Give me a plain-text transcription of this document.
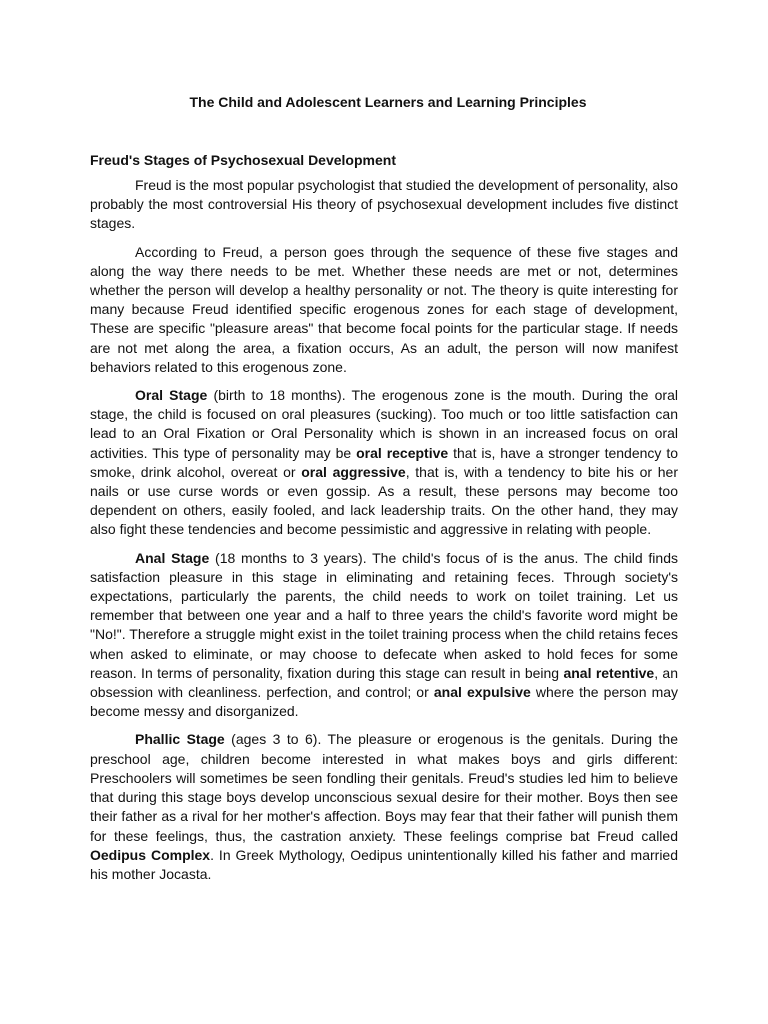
The Child and Adolescent Learners and Learning Principles
Freud's Stages of Psychosexual Development

Freud is the most popular psychologist that studied the development of personality, also probably the most controversial His theory of psychosexual development includes five distinct stages.

According to Freud, a person goes through the sequence of these five stages and along the way there needs to be met. Whether these needs are met or not, determines whether the person will develop a healthy personality or not. The theory is quite interesting for many because Freud identified specific erogenous zones for each stage of development, These are specific "pleasure areas" that become focal points for the particular stage. If needs are not met along the area, a fixation occurs, As an adult, the person will now manifest behaviors related to this erogenous zone.

Oral Stage (birth to 18 months). The erogenous zone is the mouth. During the oral stage, the child is focused on oral pleasures (sucking). Too much or too little satisfaction can lead to an Oral Fixation or Oral Personality which is shown in an increased focus on oral activities. This type of personality may be oral receptive that is, have a stronger tendency to smoke, drink alcohol, overeat or oral aggressive, that is, with a tendency to bite his or her nails or use curse words or even gossip. As a result, these persons may become too dependent on others, easily fooled, and lack leadership traits. On the other hand, they may also fight these tendencies and become pessimistic and aggressive in relating with people.

Anal Stage (18 months to 3 years). The child's focus of is the anus. The child finds satisfaction pleasure in this stage in eliminating and retaining feces. Through society's expectations, particularly the parents, the child needs to work on toilet training. Let us remember that between one year and a half to three years the child's favorite word might be "No!". Therefore a struggle might exist in the toilet training process when the child retains feces when asked to eliminate, or may choose to defecate when asked to hold feces for some reason. In terms of personality, fixation during this stage can result in being anal retentive, an obsession with cleanliness. perfection, and control; or anal expulsive where the person may become messy and disorganized.

Phallic Stage (ages 3 to 6). The pleasure or erogenous is the genitals. During the preschool age, children become interested in what makes boys and girls different: Preschoolers will sometimes be seen fondling their genitals. Freud's studies led him to believe that during this stage boys develop unconscious sexual desire for their mother. Boys then see their father as a rival for her mother's affection. Boys may fear that their father will punish them for these feelings, thus, the castration anxiety. These feelings comprise bat Freud called Oedipus Complex. In Greek Mythology, Oedipus unintentionally killed his father and married his mother Jocasta.
